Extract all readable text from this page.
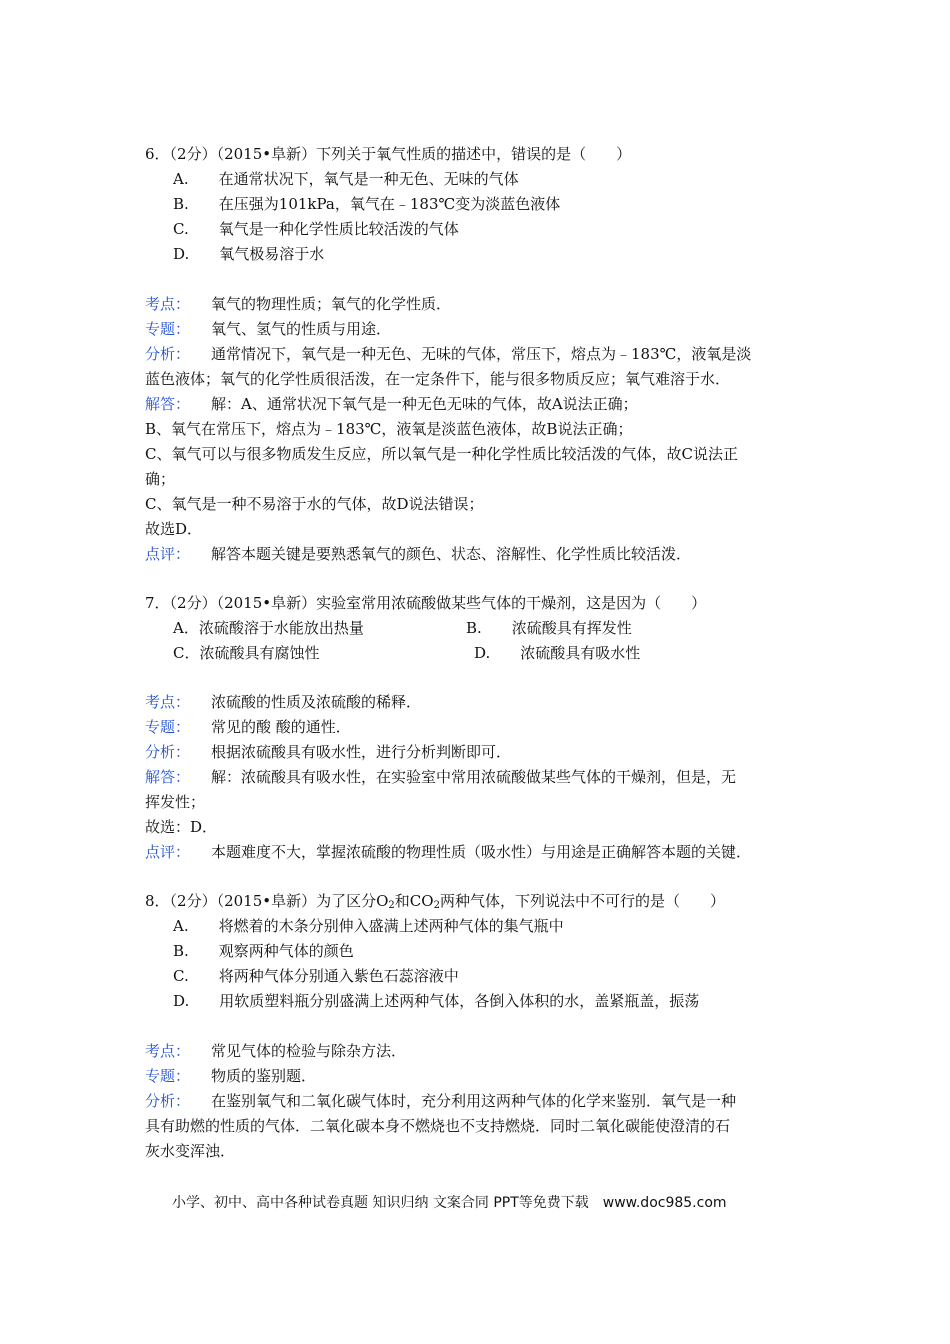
6．（2分）（2015•阜新）下列关于氧气性质的描述中，错误的是（　　）
A.　　在通常状况下，氧气是一种无色、无味的气体
B.　　在压强为101kPa，氧气在﹣183℃变为淡蓝色液体
C.　　氧气是一种化学性质比较活泼的气体
D.　　氧气极易溶于水
考点： 氧气的物理性质；氧气的化学性质．
专题： 氧气、氢气的性质与用途．
分析： 通常情况下，氧气是一种无色、无味的气体，常压下，熔点为﹣183℃，液氧是淡
蓝色液体；氧气的化学性质很活泼，在一定条件下，能与很多物质反应；氧气难溶于水．
解答： 解：A、通常状况下氧气是一种无色无味的气体，故A说法正确；
B、氧气在常压下，熔点为﹣183℃，液氧是淡蓝色液体，故B说法正确；
C、氧气可以与很多物质发生反应，所以氧气是一种化学性质比较活泼的气体，故C说法正
确；
C、氧气是一种不易溶于水的气体，故D说法错误；
故选D．
点评： 解答本题关键是要熟悉氧气的颜色、状态、溶解性、化学性质比较活泼．
7．（2分）（2015•阜新）实验室常用浓硫酸做某些气体的干燥剂，这是因为（　　）
A．浓硫酸溶于水能放出热量	B.　　浓硫酸具有挥发性
C．浓硫酸具有腐蚀性	D.　　浓硫酸具有吸水性
考点： 浓硫酸的性质及浓硫酸的稀释．
专题： 常见的酸 酸的通性．
分析： 根据浓硫酸具有吸水性，进行分析判断即可．
解答： 解：浓硫酸具有吸水性，在实验室中常用浓硫酸做某些气体的干燥剂，但是，无
挥发性；
故选：D．
点评： 本题难度不大，掌握浓硫酸的物理性质（吸水性）与用途是正确解答本题的关键．
8．（2分）（2015•阜新）为了区分$O_2$和$CO_2$两种气体，下列说法中不可行的是（　　）
A.　　将燃着的木条分别伸入盛满上述两种气体的集气瓶中
B.　　观察两种气体的颜色
C.　　将两种气体分别通入紫色石蕊溶液中
D.　　用软质塑料瓶分别盛满上述两种气体，各倒入体积的水，盖紧瓶盖，振荡
考点： 常见气体的检验与除杂方法．
专题： 物质的鉴别题．
分析： 在鉴别氧气和二氧化碳气体时，充分利用这两种气体的化学来鉴别．氧气是一种
具有助燃的性质的气体．二氧化碳本身不燃烧也不支持燃烧．同时二氧化碳能使澄清的石
灰水变浑浊．
小学、初中、高中各种试卷真题 知识归纳 文案合同 PPT等免费下载　www.doc985.com
